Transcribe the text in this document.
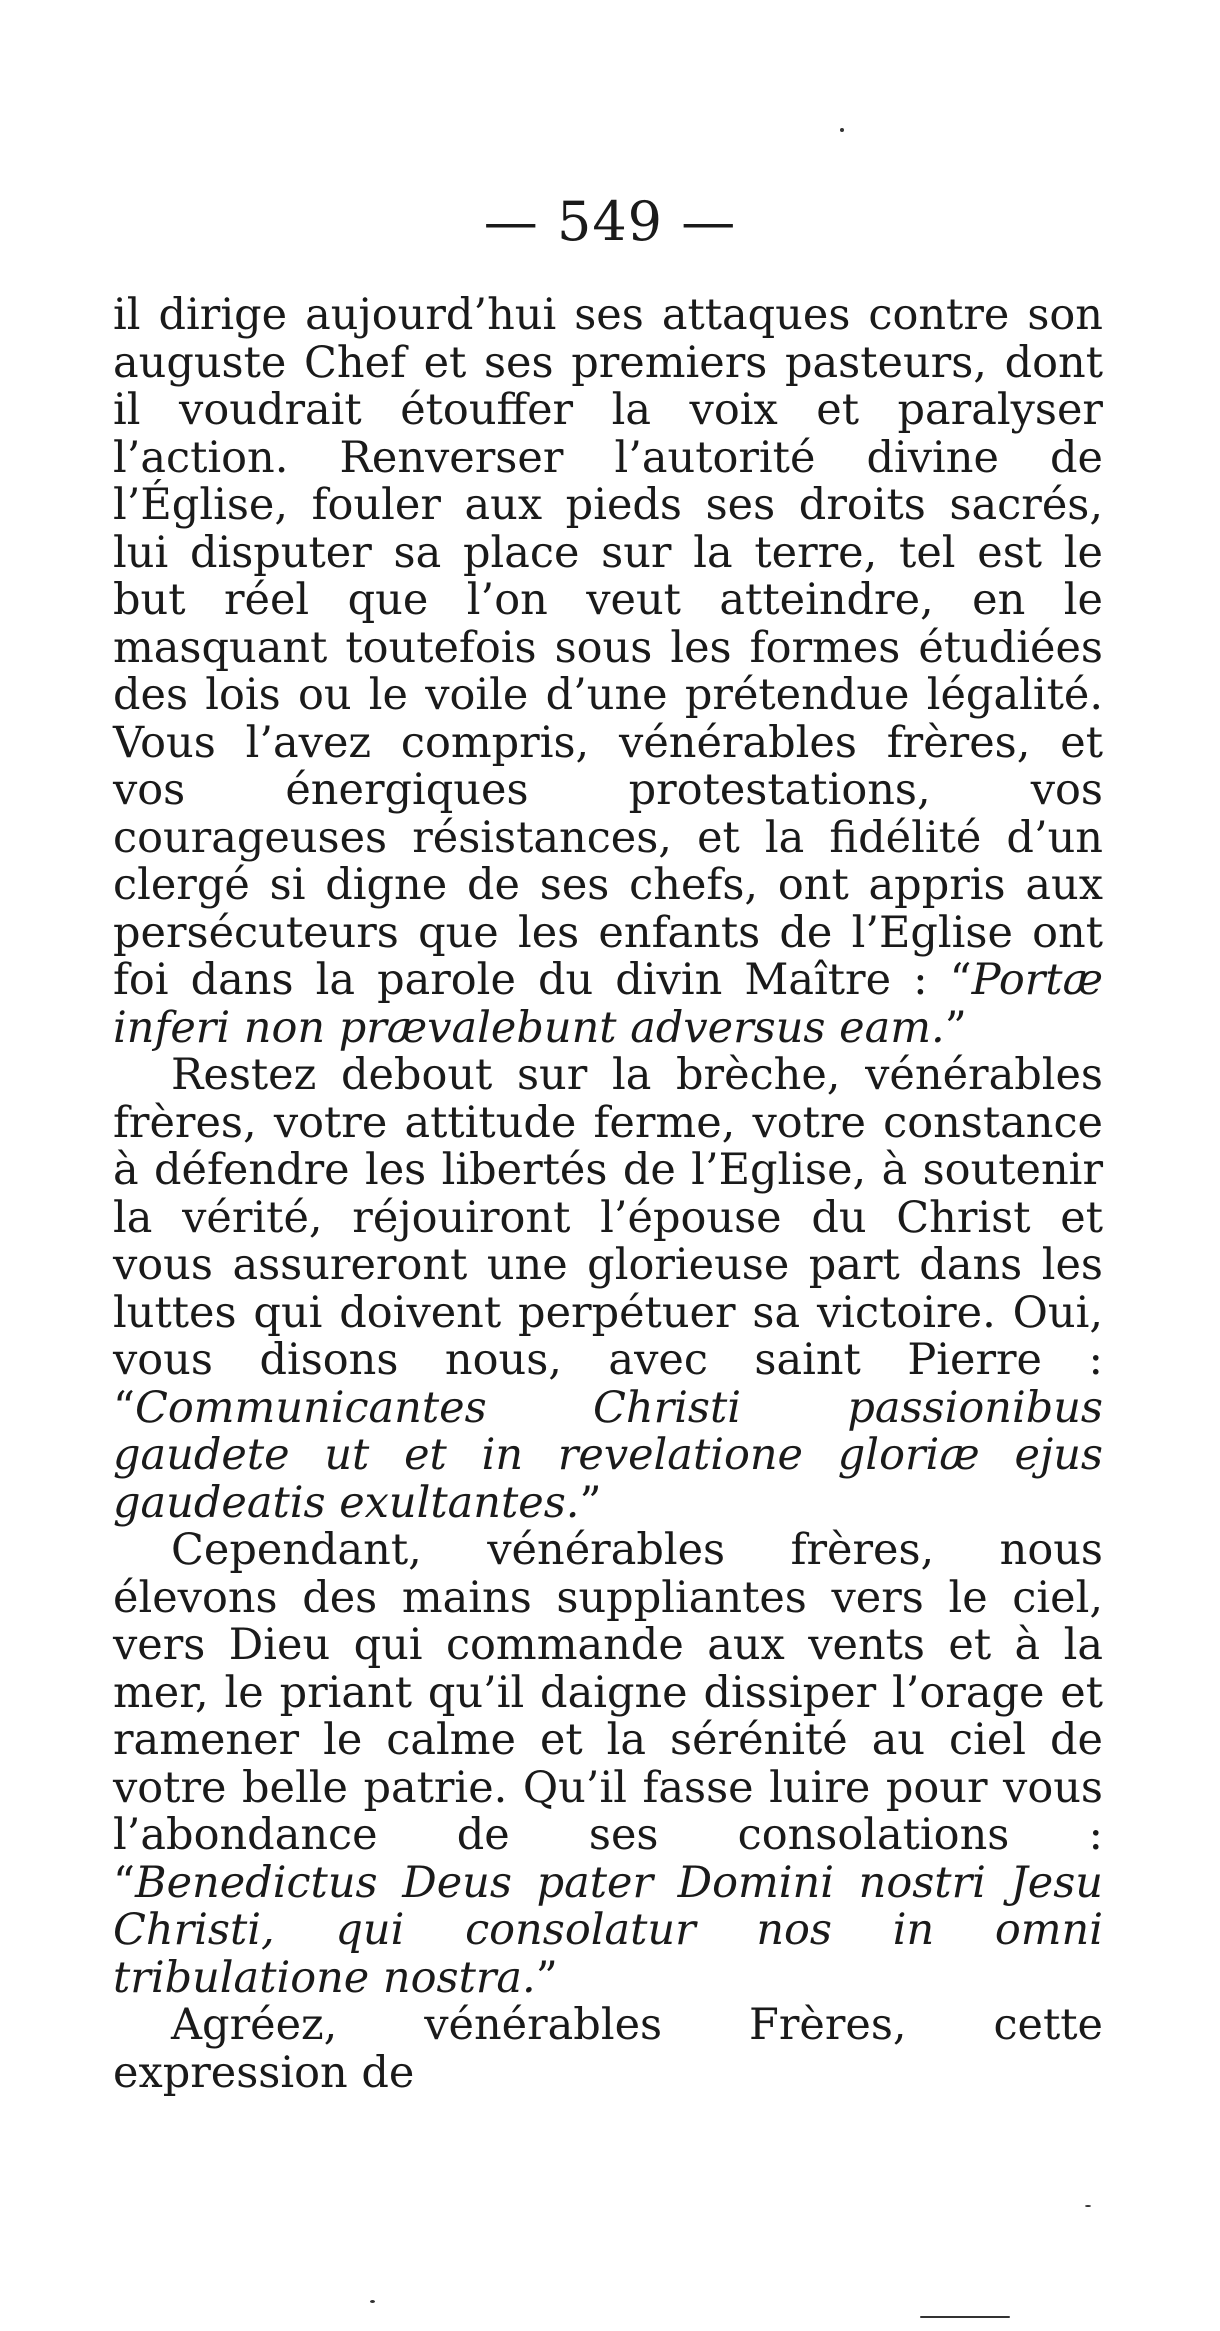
— 549 —

il dirige aujourd’hui ses attaques contre son auguste Chef et ses premiers pasteurs, dont il voudrait étouffer la voix et paralyser l’action. Renverser l’autorité divine de l’Église, fouler aux pieds ses droits sacrés, lui disputer sa place sur la terre, tel est le but réel que l’on veut atteindre, en le masquant toutefois sous les formes étudiées des lois ou le voile d’une prétendue légalité. Vous l’avez compris, vénérables frères, et vos énergiques protestations, vos courageuses résistances, et la fidélité d’un clergé si digne de ses chefs, ont appris aux persécuteurs que les enfants de l’Eglise ont foi dans la parole du divin Maître : “Portæ inferi non prævalebunt adversus eam.”

Restez debout sur la brèche, vénérables frères, votre attitude ferme, votre constance à défendre les libertés de l’Eglise, à soutenir la vérité, réjouiront l’épouse du Christ et vous assureront une glorieuse part dans les luttes qui doivent perpétuer sa victoire. Oui, vous disons nous, avec saint Pierre : “Communicantes Christi passionibus gaudete ut et in revelatione gloriæ ejus gaudeatis exultantes.”

Cependant, vénérables frères, nous élevons des mains suppliantes vers le ciel, vers Dieu qui commande aux vents et à la mer, le priant qu’il daigne dissiper l’orage et ramener le calme et la sérénité au ciel de votre belle patrie. Qu’il fasse luire pour vous l’abondance de ses consolations : “Benedictus Deus pater Domini nostri Jesu Christi, qui consolatur nos in omni tribulatione nostra.”

Agréez, vénérables Frères, cette expression de
